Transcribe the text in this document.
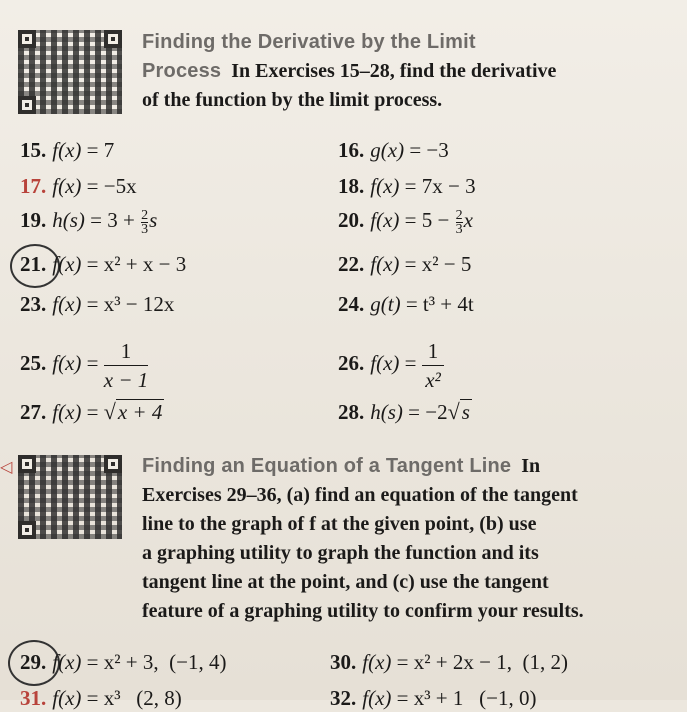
Finding the Derivative by the Limit
Process In Exercises 15–28, find the derivative
of the function by the limit process.
15. f(x) = 7	16. g(x) = −3
17. f(x) = −5x	18. f(x) = 7x − 3
19. $h(s) = 3 + \frac{2}{3}$ s	20. $f(x) = 5 - \frac{2}{3}$ x
21. f(x) = x² + x − 3	22. f(x) = x² − 5
23. f(x) = x³ − 12x	24. g(t) = t³ + 4t
25. $f(x) = \frac{1}{x - 1}$	26. $f(x) = \frac{1}{\text{x²}}$
27. f(x) = √x + 4	28. h(s) = −2√s
◁	Finding an Equation of a Tangent Line In
Exercises 29–36, (a) find an equation of the tangent
line to the graph of f at the given point, (b) use
a graphing utility to graph the function and its
tangent line at the point, and (c) use the tangent
feature of a graphing utility to confirm your results.
29. f(x) = x² + 3, (−1, 4)	30. f(x) = x² + 2x − 1, (1, 2)
31. f(x) = x³ (2, 8)	32. f(x) = x³ + 1 (−1, 0)
